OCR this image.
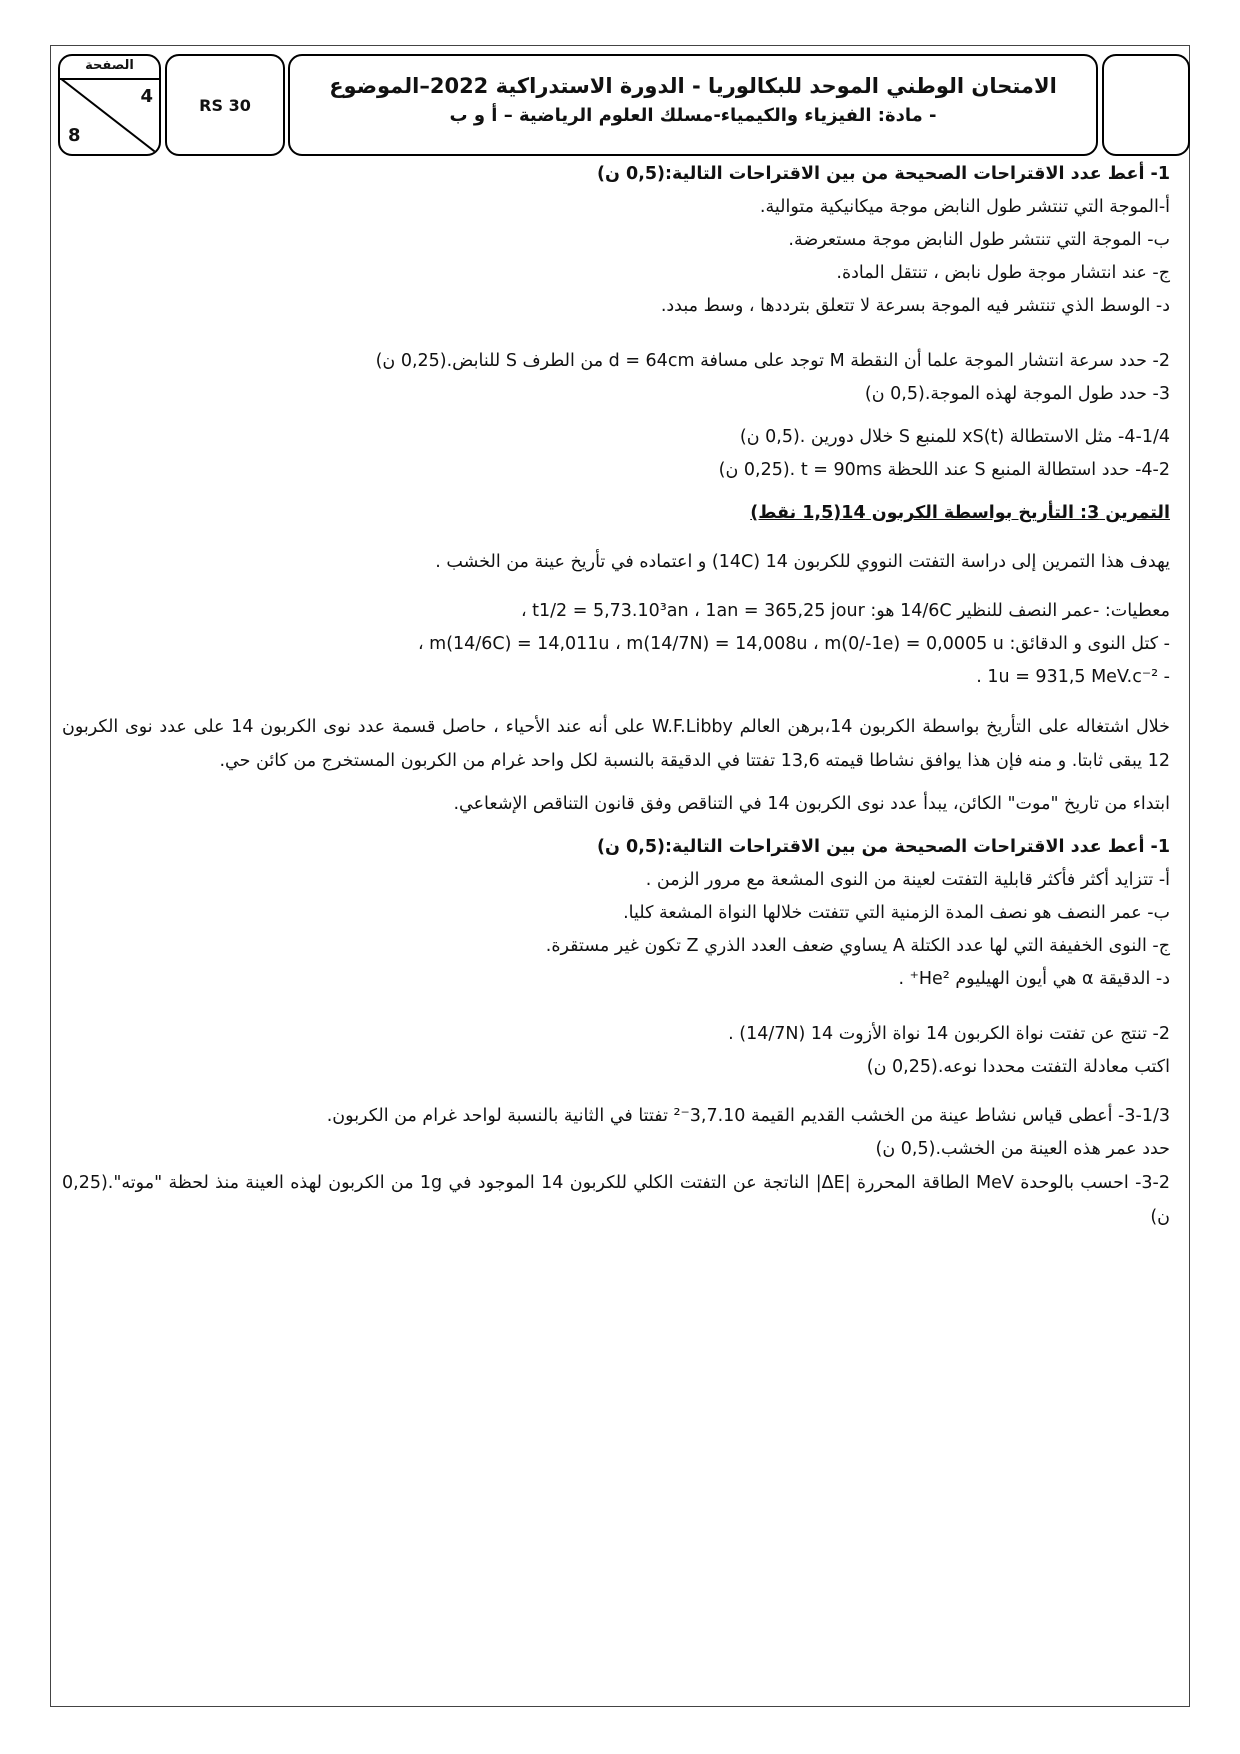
الصفحة
4
8
RS 30
الامتحان الوطني الموحد للبكالوريا - الدورة الاستدراكية 2022–الموضوع
- مادة: الفيزياء والكيمياء-مسلك العلوم الرياضية – أ و ب

1- أعط عدد الاقتراحات الصحيحة من بين الاقتراحات التالية:(0,5 ن)

أ-الموجة التي تنتشر طول النابض موجة ميكانيكية متوالية.

ب- الموجة التي تنتشر طول النابض موجة مستعرضة.

ج- عند انتشار موجة طول نابض ، تنتقل المادة.

د- الوسط الذي تنتشر فيه الموجة بسرعة لا تتعلق بترددها ، وسط مبدد.

2- حدد سرعة انتشار الموجة علما أن النقطة M توجد على مسافة d = 64cm من الطرف S للنابض.(0,25 ن)

3- حدد طول الموجة لهذه الموجة.(0,5 ن)

4-1/4- مثل الاستطالة xS(t) للمنبع S خلال دورين .(0,5 ن)

4-2- حدد استطالة المنبع S عند اللحظة t = 90ms .(0,25 ن)

التمرين 3: التأريخ بواسطة الكربون 14(1,5 نقط)

يهدف هذا التمرين إلى دراسة التفتت النووي للكربون 14 (14C) و اعتماده في تأريخ عينة من الخشب .

معطيات: -عمر النصف للنظير 14/6C هو: t1/2 = 5,73.10³an ، 1an = 365,25 jour ،

- كتل النوى و الدقائق: m(14/6C) = 14,011u ، m(14/7N) = 14,008u ، m(0/-1e) = 0,0005 u ،

- 1u = 931,5 MeV.c⁻² .

خلال اشتغاله على التأريخ بواسطة الكربون 14،برهن العالم W.F.Libby على أنه عند الأحياء ، حاصل قسمة عدد نوى الكربون 14 على عدد نوى الكربون 12 يبقى ثابتا. و منه فإن هذا يوافق نشاطا قيمته 13,6 تفتتا في الدقيقة بالنسبة لكل واحد غرام من الكربون المستخرج من كائن حي.

ابتداء من تاريخ "موت" الكائن، يبدأ عدد نوى الكربون 14 في التناقص وفق قانون التناقص الإشعاعي.

1- أعط عدد الاقتراحات الصحيحة من بين الاقتراحات التالية:(0,5 ن)

أ- تتزايد أكثر فأكثر قابلية التفتت لعينة من النوى المشعة مع مرور الزمن .

ب- عمر النصف هو نصف المدة الزمنية التي تتفتت خلالها النواة المشعة كليا.

ج- النوى الخفيفة التي لها عدد الكتلة A يساوي ضعف العدد الذري Z تكون غير مستقرة.

د- الدقيقة α هي أيون الهيليوم He²⁺ .

2- تنتج عن تفتت نواة الكربون 14 نواة الأزوت 14 (14/7N) .

اكتب معادلة التفتت محددا نوعه.(0,25 ن)

3-1/3- أعطى قياس نشاط عينة من الخشب القديم القيمة 3,7.10⁻² تفتتا في الثانية بالنسبة لواحد غرام من الكربون.

حدد عمر هذه العينة من الخشب.(0,5 ن)

3-2- احسب بالوحدة MeV الطاقة المحررة |ΔE| الناتجة عن التفتت الكلي للكربون 14 الموجود في 1g من الكربون لهذه العينة منذ لحظة "موته".(0,25 ن)
